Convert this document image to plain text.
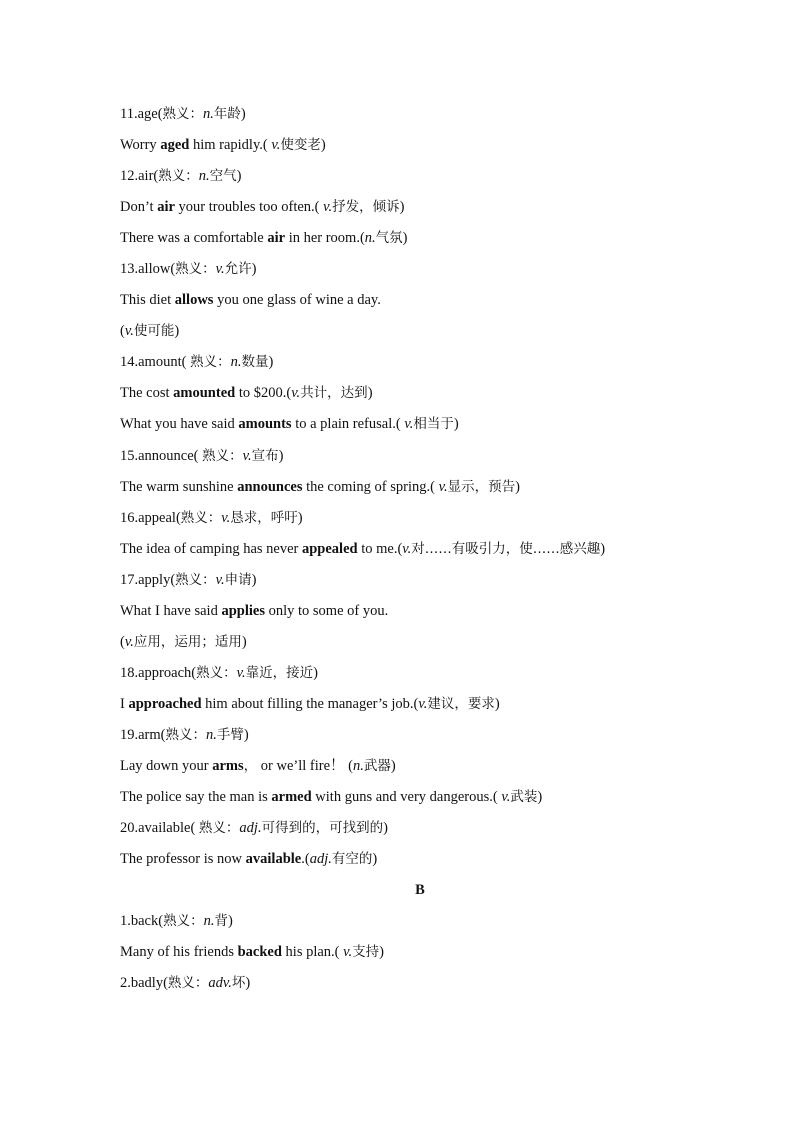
11.age(熟义：n.年龄)
Worry aged him rapidly.( v.使变老)
12.air(熟义：n.空气)
Don’t air your troubles too often.( v.抒发，倾诉)
There was a comfortable air in her room.(n.气氛)
13.allow(熟义：v.允许)
This diet allows you one glass of wine a day.
(v.使可能)
14.amount( 熟义：n.数量)
The cost amounted to $200.(v.共计，达到)
What you have said amounts to a plain refusal.( v.相当于)
15.announce( 熟义：v.宣布)
The warm sunshine announces the coming of spring.( v.显示，预告)
16.appeal(熟义：v.恳求，呼吁)
The idea of camping has never appealed to me.(v.对……有吸引力，使……感兴趣)
17.apply(熟义：v.申请)
What I have said applies only to some of you.
(v.应用，运用；适用)
18.approach(熟义：v.靠近，接近)
I approached him about filling the manager’s job.(v.建议，要求)
19.arm(熟义：n.手臂)
Lay down your arms， or we’ll fire！ (n.武器)
The police say the man is armed with guns and very dangerous.( v.武装)
20.available( 熟义：adj.可得到的，可找到的)
The professor is now available.(adj.有空的)
B
1.back(熟义：n.背)
Many of his friends backed his plan.( v.支持)
2.badly(熟义：adv.坏)
